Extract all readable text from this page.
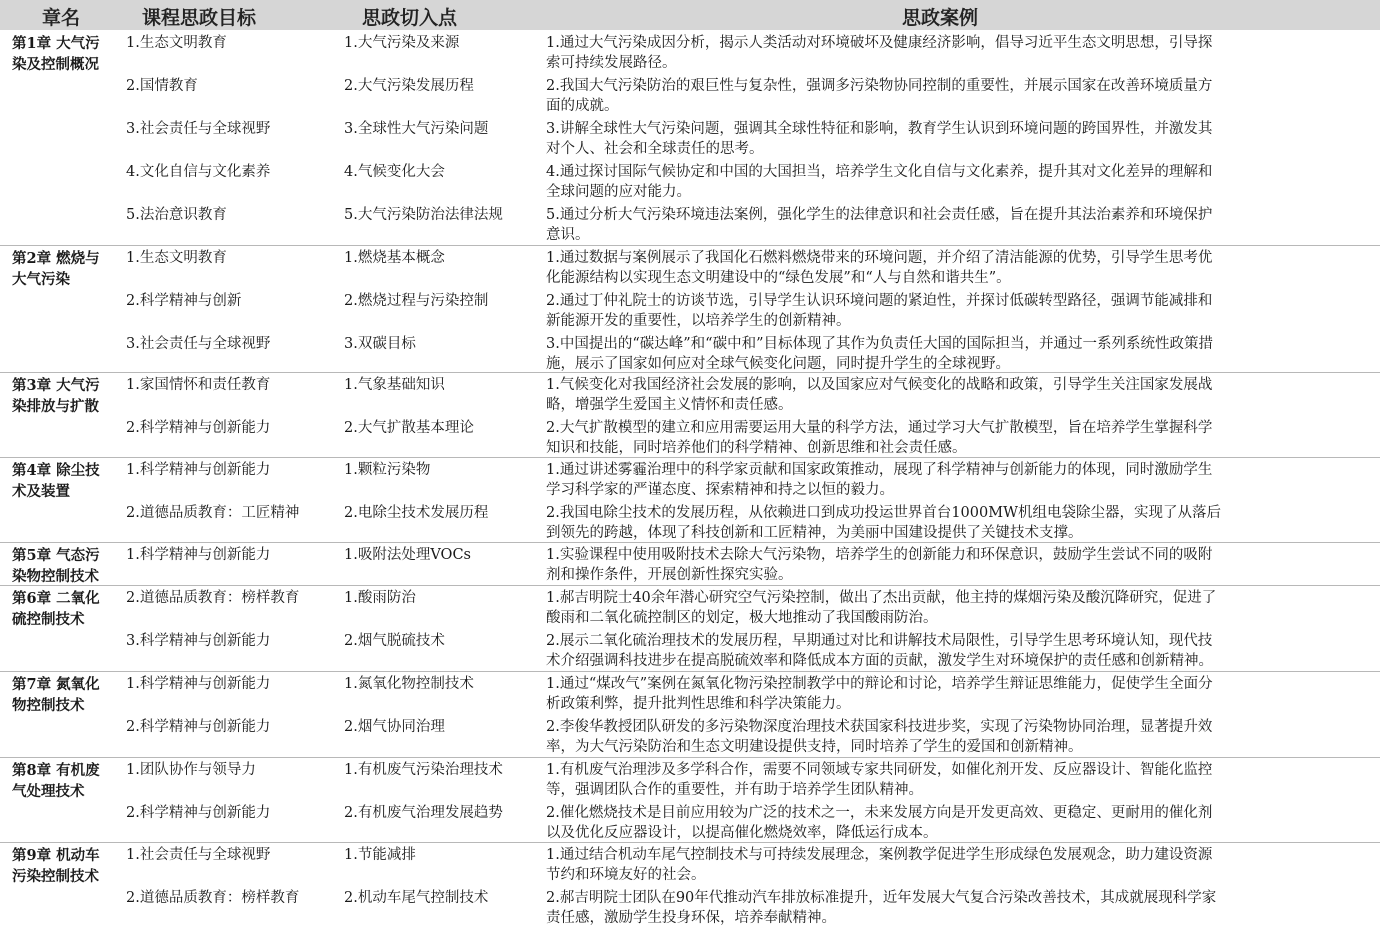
章名	课程思政目标	思政切入点	思政案例
第1章 大气污
染及控制概况
1.生态文明教育	1.大气污染及来源	1.通过大气污染成因分析，揭示人类活动对环境破坏及健康经济影响，倡导习近平生态文明思想，引导探
索可持续发展路径。
2.国情教育	2.大气污染发展历程	2.我国大气污染防治的艰巨性与复杂性，强调多污染物协同控制的重要性，并展示国家在改善环境质量方
面的成就。
3.社会责任与全球视野	3.全球性大气污染问题	3.讲解全球性大气污染问题，强调其全球性特征和影响，教育学生认识到环境问题的跨国界性，并激发其
对个人、社会和全球责任的思考。
4.文化自信与文化素养	4.气候变化大会	4.通过探讨国际气候协定和中国的大国担当，培养学生文化自信与文化素养，提升其对文化差异的理解和
全球问题的应对能力。
5.法治意识教育	5.大气污染防治法律法规	5.通过分析大气污染环境违法案例，强化学生的法律意识和社会责任感，旨在提升其法治素养和环境保护
意识。
第2章 燃烧与
大气污染
1.生态文明教育	1.燃烧基本概念	1.通过数据与案例展示了我国化石燃料燃烧带来的环境问题，并介绍了清洁能源的优势，引导学生思考优
化能源结构以实现生态文明建设中的“绿色发展”和“人与自然和谐共生”。
2.科学精神与创新	2.燃烧过程与污染控制	2.通过丁仲礼院士的访谈节选，引导学生认识环境问题的紧迫性，并探讨低碳转型路径，强调节能减排和
新能源开发的重要性，以培养学生的创新精神。
3.社会责任与全球视野	3.双碳目标	3.中国提出的“碳达峰”和“碳中和”目标体现了其作为负责任大国的国际担当，并通过一系列系统性政策措
施，展示了国家如何应对全球气候变化问题，同时提升学生的全球视野。
第3章 大气污
染排放与扩散
1.家国情怀和责任教育	1.气象基础知识	1.气候变化对我国经济社会发展的影响，以及国家应对气候变化的战略和政策，引导学生关注国家发展战
略，增强学生爱国主义情怀和责任感。
2.科学精神与创新能力	2.大气扩散基本理论	2.大气扩散模型的建立和应用需要运用大量的科学方法，通过学习大气扩散模型，旨在培养学生掌握科学
知识和技能，同时培养他们的科学精神、创新思维和社会责任感。
第4章 除尘技
术及装置
1.科学精神与创新能力	1.颗粒污染物	1.通过讲述雾霾治理中的科学家贡献和国家政策推动，展现了科学精神与创新能力的体现，同时激励学生
学习科学家的严谨态度、探索精神和持之以恒的毅力。
2.道德品质教育：工匠精神	2.电除尘技术发展历程	2.我国电除尘技术的发展历程，从依赖进口到成功投运世界首台1000MW机组电袋除尘器，实现了从落后
到领先的跨越，体现了科技创新和工匠精神，为美丽中国建设提供了关键技术支撑。
第5章 气态污
染物控制技术
1.科学精神与创新能力	1.吸附法处理VOCs	1.实验课程中使用吸附技术去除大气污染物，培养学生的创新能力和环保意识，鼓励学生尝试不同的吸附
剂和操作条件，开展创新性探究实验。
第6章 二氧化
硫控制技术
2.道德品质教育：榜样教育	1.酸雨防治	1.郝吉明院士40余年潜心研究空气污染控制，做出了杰出贡献，他主持的煤烟污染及酸沉降研究，促进了
酸雨和二氧化硫控制区的划定，极大地推动了我国酸雨防治。
3.科学精神与创新能力	2.烟气脱硫技术	2.展示二氧化硫治理技术的发展历程，早期通过对比和讲解技术局限性，引导学生思考环境认知，现代技
术介绍强调科技进步在提高脱硫效率和降低成本方面的贡献，激发学生对环境保护的责任感和创新精神。
第7章 氮氧化
物控制技术
1.科学精神与创新能力	1.氮氧化物控制技术	1.通过“煤改气”案例在氮氧化物污染控制教学中的辩论和讨论，培养学生辩证思维能力，促使学生全面分
析政策利弊，提升批判性思维和科学决策能力。
2.科学精神与创新能力	2.烟气协同治理	2.李俊华教授团队研发的多污染物深度治理技术获国家科技进步奖，实现了污染物协同治理，显著提升效
率，为大气污染防治和生态文明建设提供支持，同时培养了学生的爱国和创新精神。
第8章 有机废
气处理技术
1.团队协作与领导力	1.有机废气污染治理技术	1.有机废气治理涉及多学科合作，需要不同领域专家共同研发，如催化剂开发、反应器设计、智能化监控
等，强调团队合作的重要性，并有助于培养学生团队精神。
2.科学精神与创新能力	2.有机废气治理发展趋势	2.催化燃烧技术是目前应用较为广泛的技术之一，未来发展方向是开发更高效、更稳定、更耐用的催化剂
以及优化反应器设计，以提高催化燃烧效率，降低运行成本。
第9章 机动车
污染控制技术
1.社会责任与全球视野	1.节能减排	1.通过结合机动车尾气控制技术与可持续发展理念，案例教学促进学生形成绿色发展观念，助力建设资源
节约和环境友好的社会。
2.道德品质教育：榜样教育	2.机动车尾气控制技术	2.郝吉明院士团队在90年代推动汽车排放标准提升，近年发展大气复合污染改善技术，其成就展现科学家
责任感，激励学生投身环保，培养奉献精神。
